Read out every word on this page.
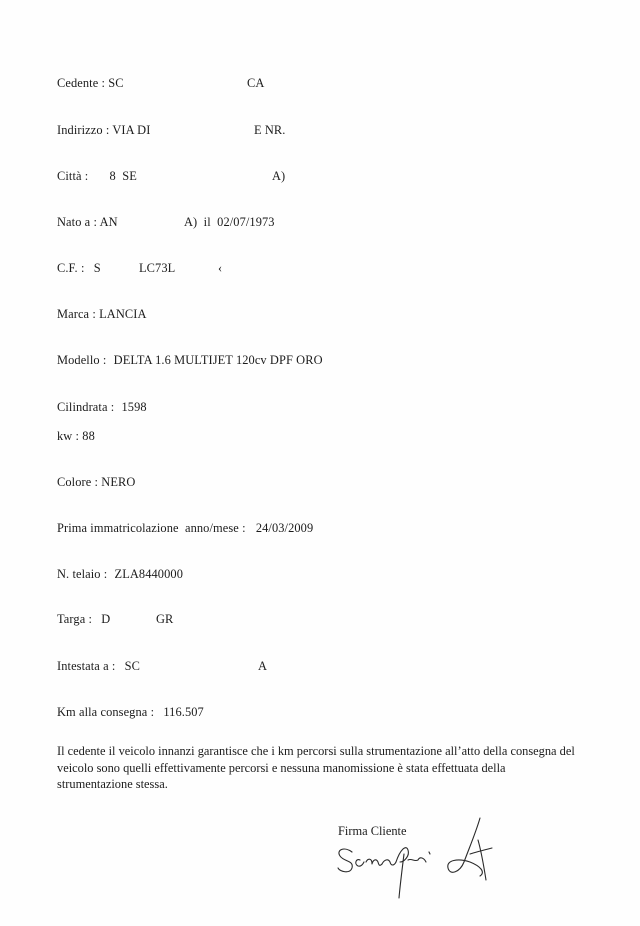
Cedente : SC	CA
Indirizzo : VIA DI	E NR.
Città : 8  SE	A)
Nato a : AN	A)  il  02/07/1973
C.F. : S	LC73L	‹
Marca : LANCIA
Modello : DELTA 1.6 MULTIJET 120cv DPF ORO
Cilindrata : 1598
kw : 88
Colore : NERO
Prima immatricolazione  anno/mese : 24/03/2009
N. telaio : ZLA8440000
Targa : D	GR
Intestata a : SC	A
Km alla consegna : 116.507
Il cedente il veicolo innanzi garantisce che i km percorsi sulla strumentazione all’atto della consegna del veicolo sono quelli effettivamente percorsi e nessuna manomissione è stata effettuata della strumentazione stessa.
Firma Cliente
